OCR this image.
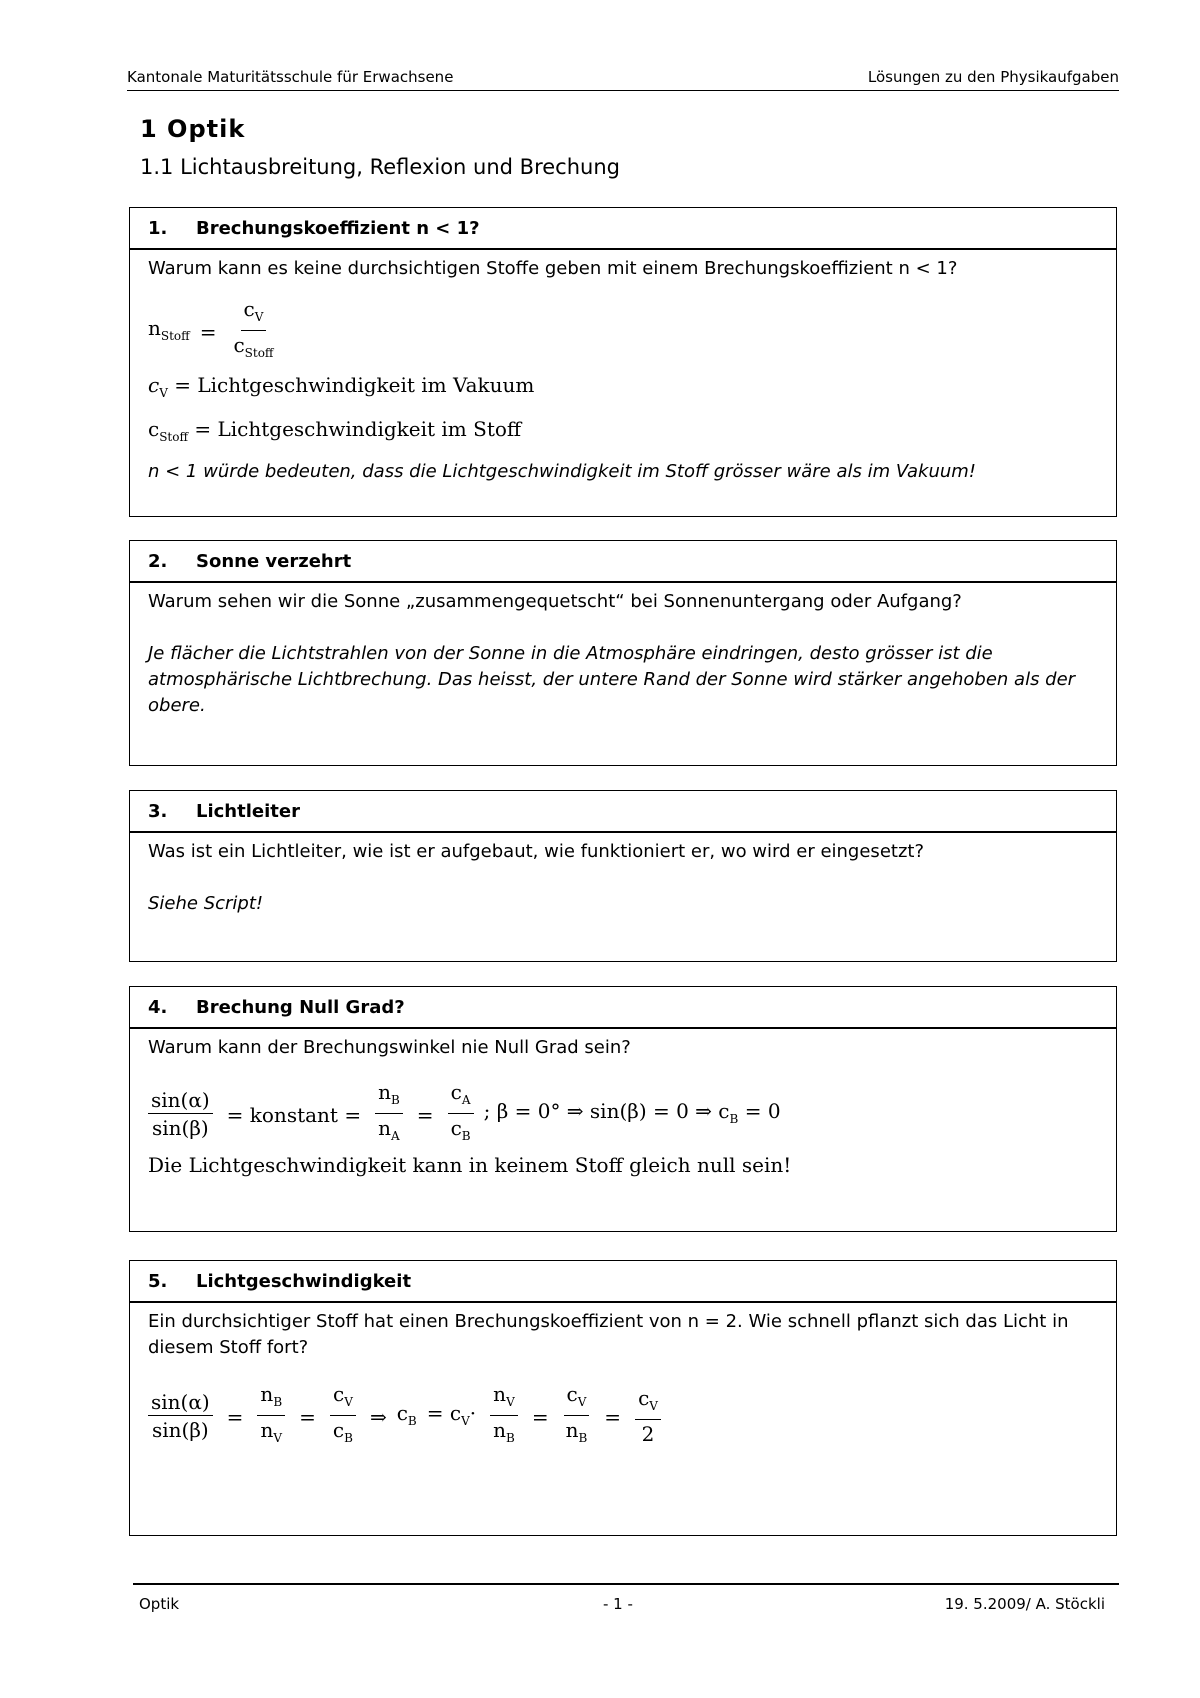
Kantonale Maturitätsschule für Erwachsene	Lösungen zu den Physikaufgaben
1 Optik
1.1 Lichtausbreitung, Reflexion und Brechung
1. Brechungskoeffizient n < 1?
Warum kann es keine durchsichtigen Stoffe geben mit einem Brechungskoeffizient n < 1?
$n_{Stoff} = \frac{c_V}{c_{Stoff}}$
$c_V$ = Lichtgeschwindigkeit im Vakuum
$c_{Stoff}$ = Lichtgeschwindigkeit im Stoff
n < 1 würde bedeuten, dass die Lichtgeschwindigkeit im Stoff grösser wäre als im Vakuum!
2. Sonne verzehrt
Warum sehen wir die Sonne „zusammengequetscht“ bei Sonnenuntergang oder Aufgang?
Je flächer die Lichtstrahlen von der Sonne in die Atmosphäre eindringen, desto grösser ist die atmosphärische Lichtbrechung. Das heisst, der untere Rand der Sonne wird stärker angehoben als der obere.
3. Lichtleiter
Was ist ein Lichtleiter, wie ist er aufgebaut, wie funktioniert er, wo wird er eingesetzt?
Siehe Script!
4. Brechung Null Grad?
Warum kann der Brechungswinkel nie Null Grad sein?
$\frac{\sin(\alpha)}{\sin(\beta)}$ = konstant = $\frac{n_B}{n_A} = \frac{c_A}{c_B}$ ; β = 0° ⇒ sin(β) = 0 ⇒ $c_B = 0$
Die Lichtgeschwindigkeit kann in keinem Stoff gleich null sein!
5. Lichtgeschwindigkeit
Ein durchsichtiger Stoff hat einen Brechungskoeffizient von n = 2. Wie schnell pflanzt sich das Licht in diesem Stoff fort?
$\frac{\sin(\alpha)}{\sin(\beta)} = \frac{n_B}{n_V} = \frac{c_V}{c_B}$ ⇒ $c_B = c_V\cdot \frac{n_V}{n_B} = \frac{c_V}{n_B} = \frac{c_V}{2}$
Optik	- 1 -	19. 5.2009/ A. Stöckli
